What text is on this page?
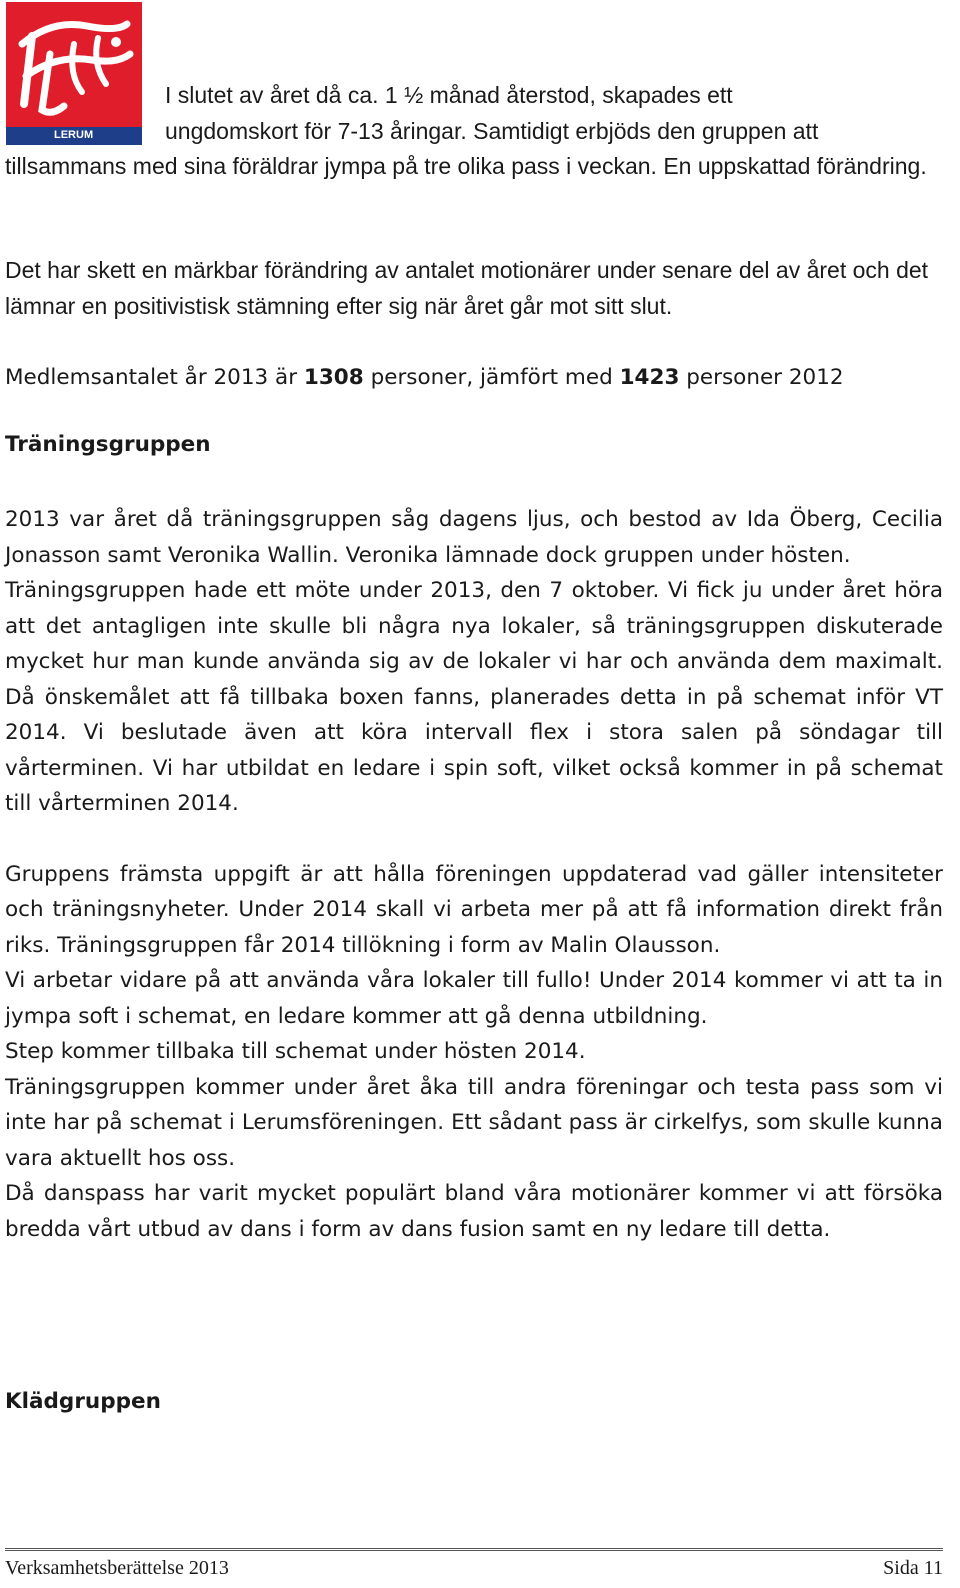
LERUM
I slutet av året då ca. 1 ½ månad återstod, skapades ett
ungdomskort för 7-13 åringar. Samtidigt erbjöds den gruppen att
tillsammans med sina föräldrar jympa på tre olika pass i veckan. En uppskattad förändring.

Det har skett en märkbar förändring av antalet motionärer under senare del av året och det lämnar en positivistisk stämning efter sig när året går mot sitt slut.

Medlemsantalet år 2013 är 1308 personer, jämfört med 1423 personer 2012

Träningsgruppen

2013 var året då träningsgruppen såg dagens ljus, och bestod av Ida Öberg, Cecilia Jonasson samt Veronika Wallin. Veronika lämnade dock gruppen under hösten.

Träningsgruppen hade ett möte under 2013, den 7 oktober. Vi fick ju under året höra att det antagligen inte skulle bli några nya lokaler, så träningsgruppen diskuterade mycket hur man kunde använda sig av de lokaler vi har och använda dem maximalt. Då önskemålet att få tillbaka boxen fanns, planerades detta in på schemat inför VT 2014. Vi beslutade även att köra intervall flex i stora salen på söndagar till vårterminen. Vi har utbildat en ledare i spin soft, vilket också kommer in på schemat till vårterminen 2014.

Gruppens främsta uppgift är att hålla föreningen uppdaterad vad gäller intensiteter och träningsnyheter. Under 2014 skall vi arbeta mer på att få information direkt från riks. Träningsgruppen får 2014 tillökning i form av Malin Olausson.

Vi arbetar vidare på att använda våra lokaler till fullo! Under 2014 kommer vi att ta in jympa soft i schemat, en ledare kommer att gå denna utbildning.

Step kommer tillbaka till schemat under hösten 2014.

Träningsgruppen kommer under året åka till andra föreningar och testa pass som vi inte har på schemat i Lerumsföreningen. Ett sådant pass är cirkelfys, som skulle kunna vara aktuellt hos oss.

Då danspass har varit mycket populärt bland våra motionärer kommer vi att försöka bredda vårt utbud av dans i form av dans fusion samt en ny ledare till detta.

Klädgruppen
Verksamhetsberättelse 2013	Sida 11
